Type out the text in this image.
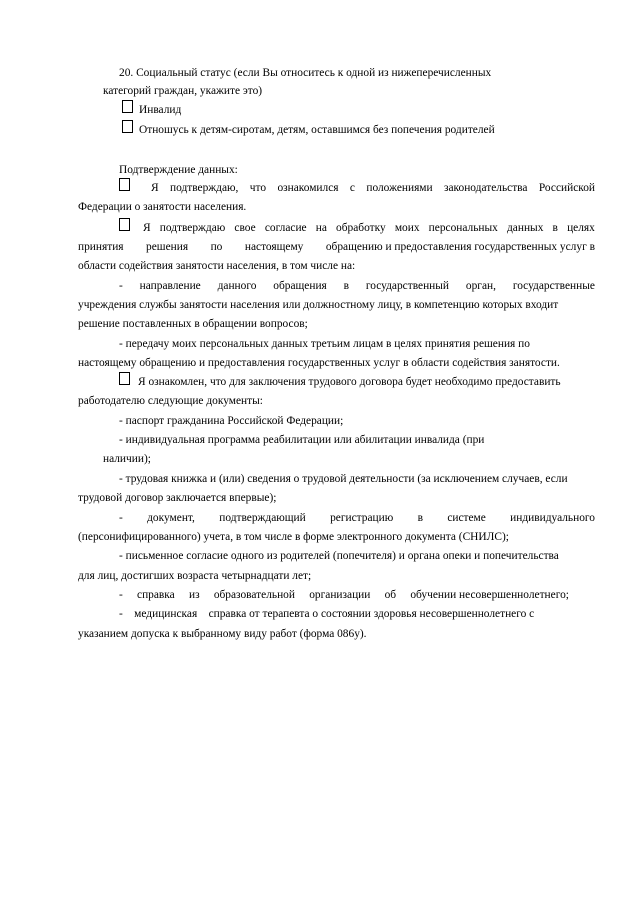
20. Социальный статус (если Вы относитесь к одной из нижеперечисленных
категорий граждан, укажите это)
Инвалид
Отношусь к детям-сиротам, детям, оставшимся без попечения родителей
Подтверждение данных:
Я подтверждаю, что ознакомился с положениями законодательства Российской
Федерации о занятости населения.
Я подтверждаю свое согласие на обработку моих персональных данных в целях
принятия решения по настоящему обращению и предоставления государственных услуг в
области содействия занятости населения, в том числе на:
- направление данного обращения в государственный орган, государственные
учреждения службы занятости населения или должностному лицу, в компетенцию которых входит
решение поставленных в обращении вопросов;
- передачу моих персональных данных третьим лицам в целях принятия решения по
настоящему обращению и предоставления государственных услуг в области содействия занятости.
Я ознакомлен, что для заключения трудового договора будет необходимо предоставить
работодателю следующие документы:
- паспорт гражданина Российской Федерации;
- индивидуальная программа реабилитации или абилитации инвалида (при
наличии);
- трудовая книжка и (или) сведения о трудовой деятельности (за исключением случаев, если
трудовой договор заключается впервые);
- документ, подтверждающий регистрацию в системе индивидуального
(персонифицированного) учета, в том числе в форме электронного документа (СНИЛС);
- письменное согласие одного из родителей (попечителя) и органа опеки и попечительства
для лиц, достигших возраста четырнадцати лет;
- справка из образовательной организации об обучении несовершеннолетнего;
-    медицинская    справка от терапевта о состоянии здоровья несовершеннолетнего с
указанием допуска к выбранному виду работ (форма 086у).
